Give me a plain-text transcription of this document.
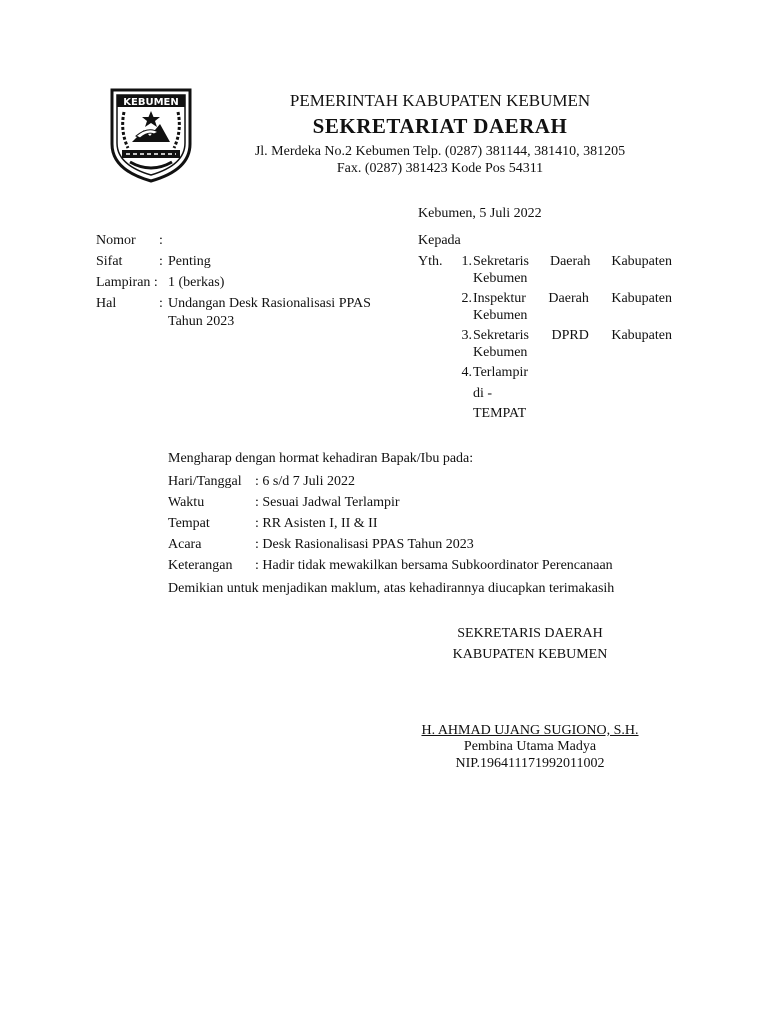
KEBUMEN	PEMERINTAH KABUPATEN KEBUMEN
SEKRETARIAT DAERAH
Jl. Merdeka No.2 Kebumen Telp. (0287) 381144, 381410, 381205
Fax. (0287) 381423 Kode Pos 54311
Kebumen, 5 Juli 2022
Nomor :
Sifat	: Penting
Lampiran : 1 (berkas)
Hal	: Undangan Desk Rasionalisasi PPAS Tahun 2023
Kepada
Yth.	1. Sekretaris Daerah Kabupaten
Kebumen
2. Inspektur Daerah Kabupaten
Kebumen
3. Sekretaris DPRD Kabupaten
Kebumen
4. Terlampir
di -
TEMPAT
Mengharap dengan hormat kehadiran Bapak/Ibu pada:
Hari/Tanggal : 6 s/d 7 Juli 2022
Waktu	: Sesuai Jadwal Terlampir
Tempat	: RR Asisten I, II & II
Acara	: Desk Rasionalisasi PPAS Tahun 2023
Keterangan : Hadir tidak mewakilkan bersama Subkoordinator Perencanaan
Demikian untuk menjadikan maklum, atas kehadirannya diucapkan terimakasih
SEKRETARIS DAERAH
KABUPATEN KEBUMEN
H. AHMAD UJANG SUGIONO, S.H.
Pembina Utama Madya
NIP.196411171992011002
